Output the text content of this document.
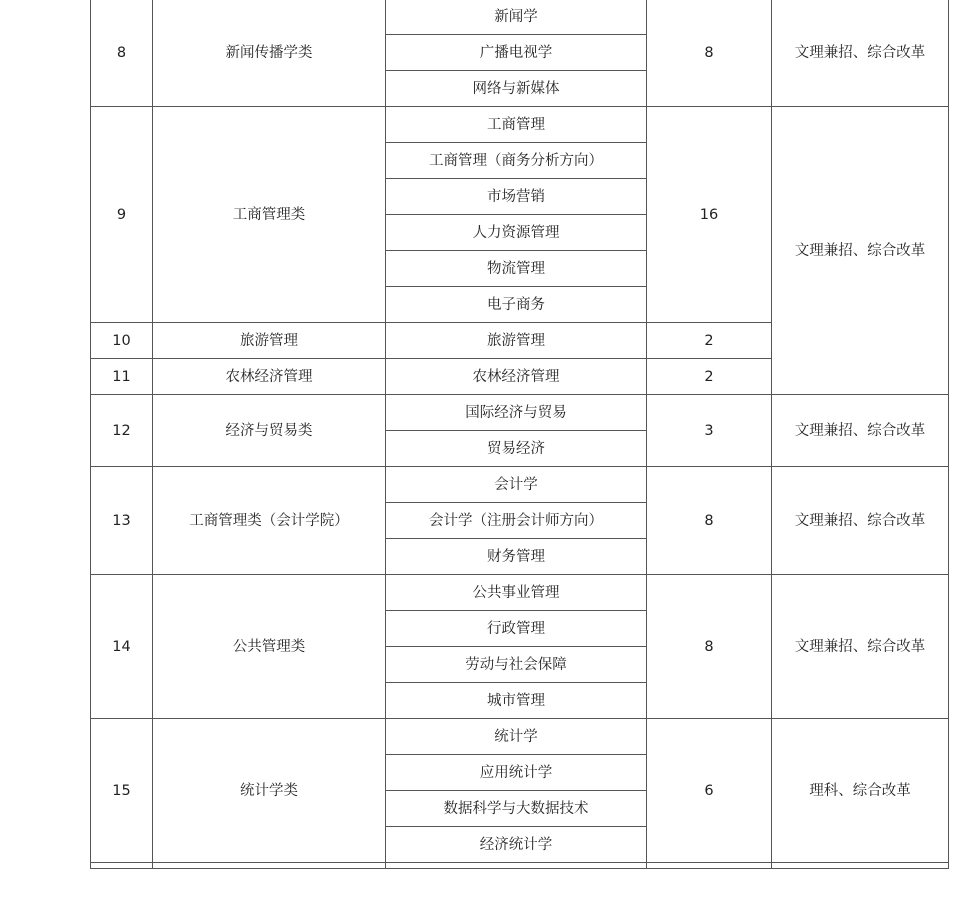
8	新闻传播学类	新闻学	8	文理兼招、综合改革
		广播电视学		
		网络与新媒体		
9	工商管理类	工商管理	16	文理兼招、综合改革
		工商管理（商务分析方向）		
		市场营销		
		人力资源管理		
		物流管理		
		电子商务		
10	旅游管理	旅游管理	2	
11	农林经济管理	农林经济管理	2	
12	经济与贸易类	国际经济与贸易	3	文理兼招、综合改革
		贸易经济		
13	工商管理类（会计学院）	会计学	8	文理兼招、综合改革
		会计学（注册会计师方向）		
		财务管理		
14	公共管理类	公共事业管理	8	文理兼招、综合改革
		行政管理		
		劳动与社会保障		
		城市管理		
15	统计学类	统计学	6	理科、综合改革
		应用统计学		
		数据科学与大数据技术		
		经济统计学		
